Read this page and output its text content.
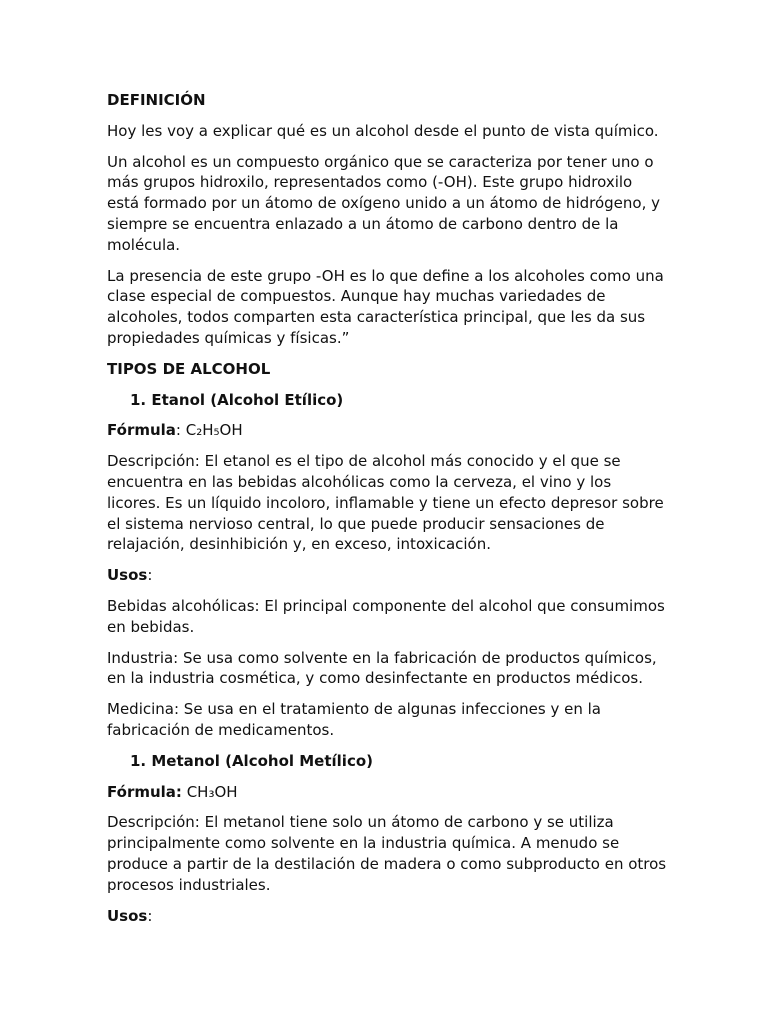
DEFINICIÓN

Hoy les voy a explicar qué es un alcohol desde el punto de vista químico.

Un alcohol es un compuesto orgánico que se caracteriza por tener uno o más grupos hidroxilo, representados como (-OH). Este grupo hidroxilo está formado por un átomo de oxígeno unido a un átomo de hidrógeno, y siempre se encuentra enlazado a un átomo de carbono dentro de la molécula.

La presencia de este grupo -OH es lo que define a los alcoholes como una clase especial de compuestos. Aunque hay muchas variedades de alcoholes, todos comparten esta característica principal, que les da sus propiedades químicas y físicas.”

TIPOS DE ALCOHOL

1. Etanol (Alcohol Etílico)

Fórmula: C₂H₅OH

Descripción: El etanol es el tipo de alcohol más conocido y el que se encuentra en las bebidas alcohólicas como la cerveza, el vino y los licores. Es un líquido incoloro, inflamable y tiene un efecto depresor sobre el sistema nervioso central, lo que puede producir sensaciones de relajación, desinhibición y, en exceso, intoxicación.

Usos:

Bebidas alcohólicas: El principal componente del alcohol que consumimos en bebidas.

Industria: Se usa como solvente en la fabricación de productos químicos, en la industria cosmética, y como desinfectante en productos médicos.

Medicina: Se usa en el tratamiento de algunas infecciones y en la fabricación de medicamentos.

1. Metanol (Alcohol Metílico)

Fórmula: CH₃OH

Descripción: El metanol tiene solo un átomo de carbono y se utiliza principalmente como solvente en la industria química. A menudo se produce a partir de la destilación de madera o como subproducto en otros procesos industriales.

Usos:
